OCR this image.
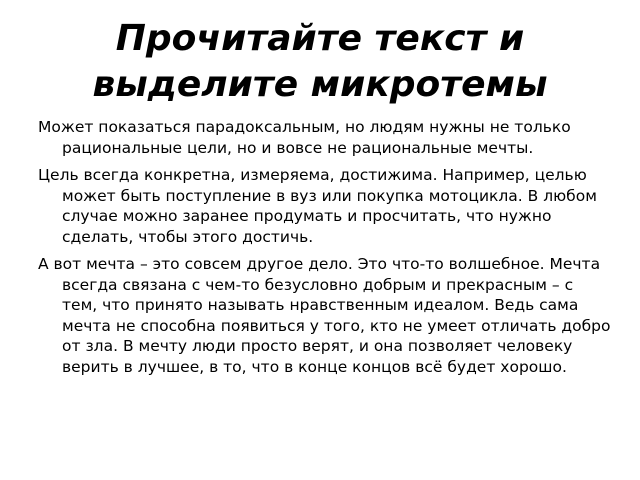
Прочитайте текст и выделите микротемы

Может показаться парадоксальным, но людям нужны не только рациональные цели, но и вовсе не рациональные мечты.

Цель всегда конкретна, измеряема, достижима. Например, целью может быть поступление в вуз или покупка мотоцикла. В любом случае можно заранее продумать и просчитать, что нужно сделать, чтобы этого достичь.

А вот мечта – это совсем другое дело. Это что-то волшебное. Мечта всегда связана с чем-то безусловно добрым и прекрасным – с тем, что принято называть нравственным идеалом. Ведь сама мечта не способна появиться у того, кто не умеет отличать добро от зла. В мечту люди просто верят, и она позволяет человеку верить в лучшее, в то, что в конце концов всё будет хорошо.
